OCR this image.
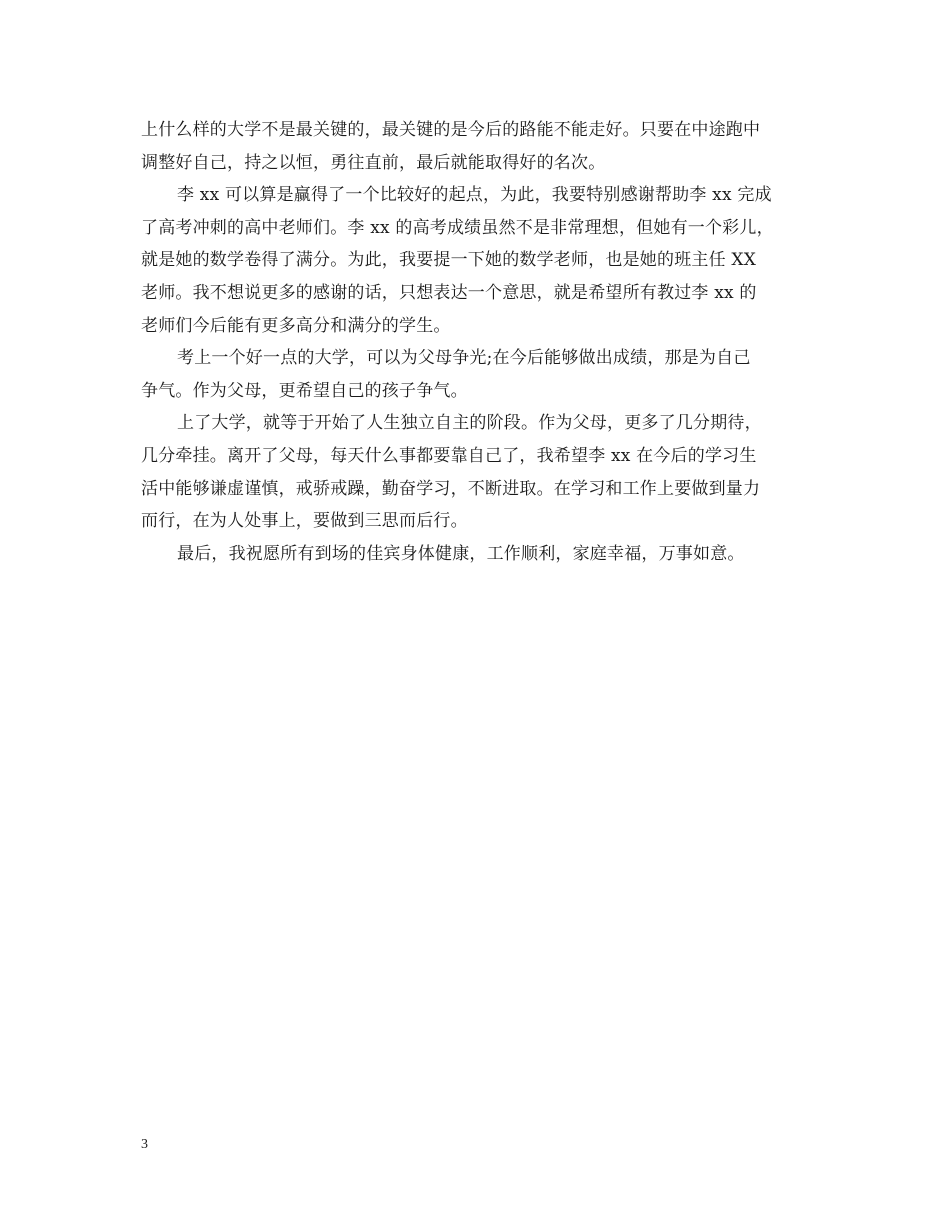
上什么样的大学不是最关键的，最关键的是今后的路能不能走好。只要在中途跑中
调整好自己，持之以恒，勇往直前，最后就能取得好的名次。
李 xx 可以算是赢得了一个比较好的起点，为此，我要特别感谢帮助李 xx 完成
了高考冲刺的高中老师们。李 xx 的高考成绩虽然不是非常理想，但她有一个彩儿，
就是她的数学卷得了满分。为此，我要提一下她的数学老师，也是她的班主任 XX
老师。我不想说更多的感谢的话，只想表达一个意思，就是希望所有教过李 xx 的
老师们今后能有更多高分和满分的学生。
考上一个好一点的大学，可以为父母争光;在今后能够做出成绩，那是为自己
争气。作为父母，更希望自己的孩子争气。
上了大学，就等于开始了人生独立自主的阶段。作为父母，更多了几分期待，
几分牵挂。离开了父母，每天什么事都要靠自己了，我希望李 xx 在今后的学习生
活中能够谦虚谨慎，戒骄戒躁，勤奋学习，不断进取。在学习和工作上要做到量力
而行，在为人处事上，要做到三思而后行。
最后，我祝愿所有到场的佳宾身体健康，工作顺利，家庭幸福，万事如意。
3
